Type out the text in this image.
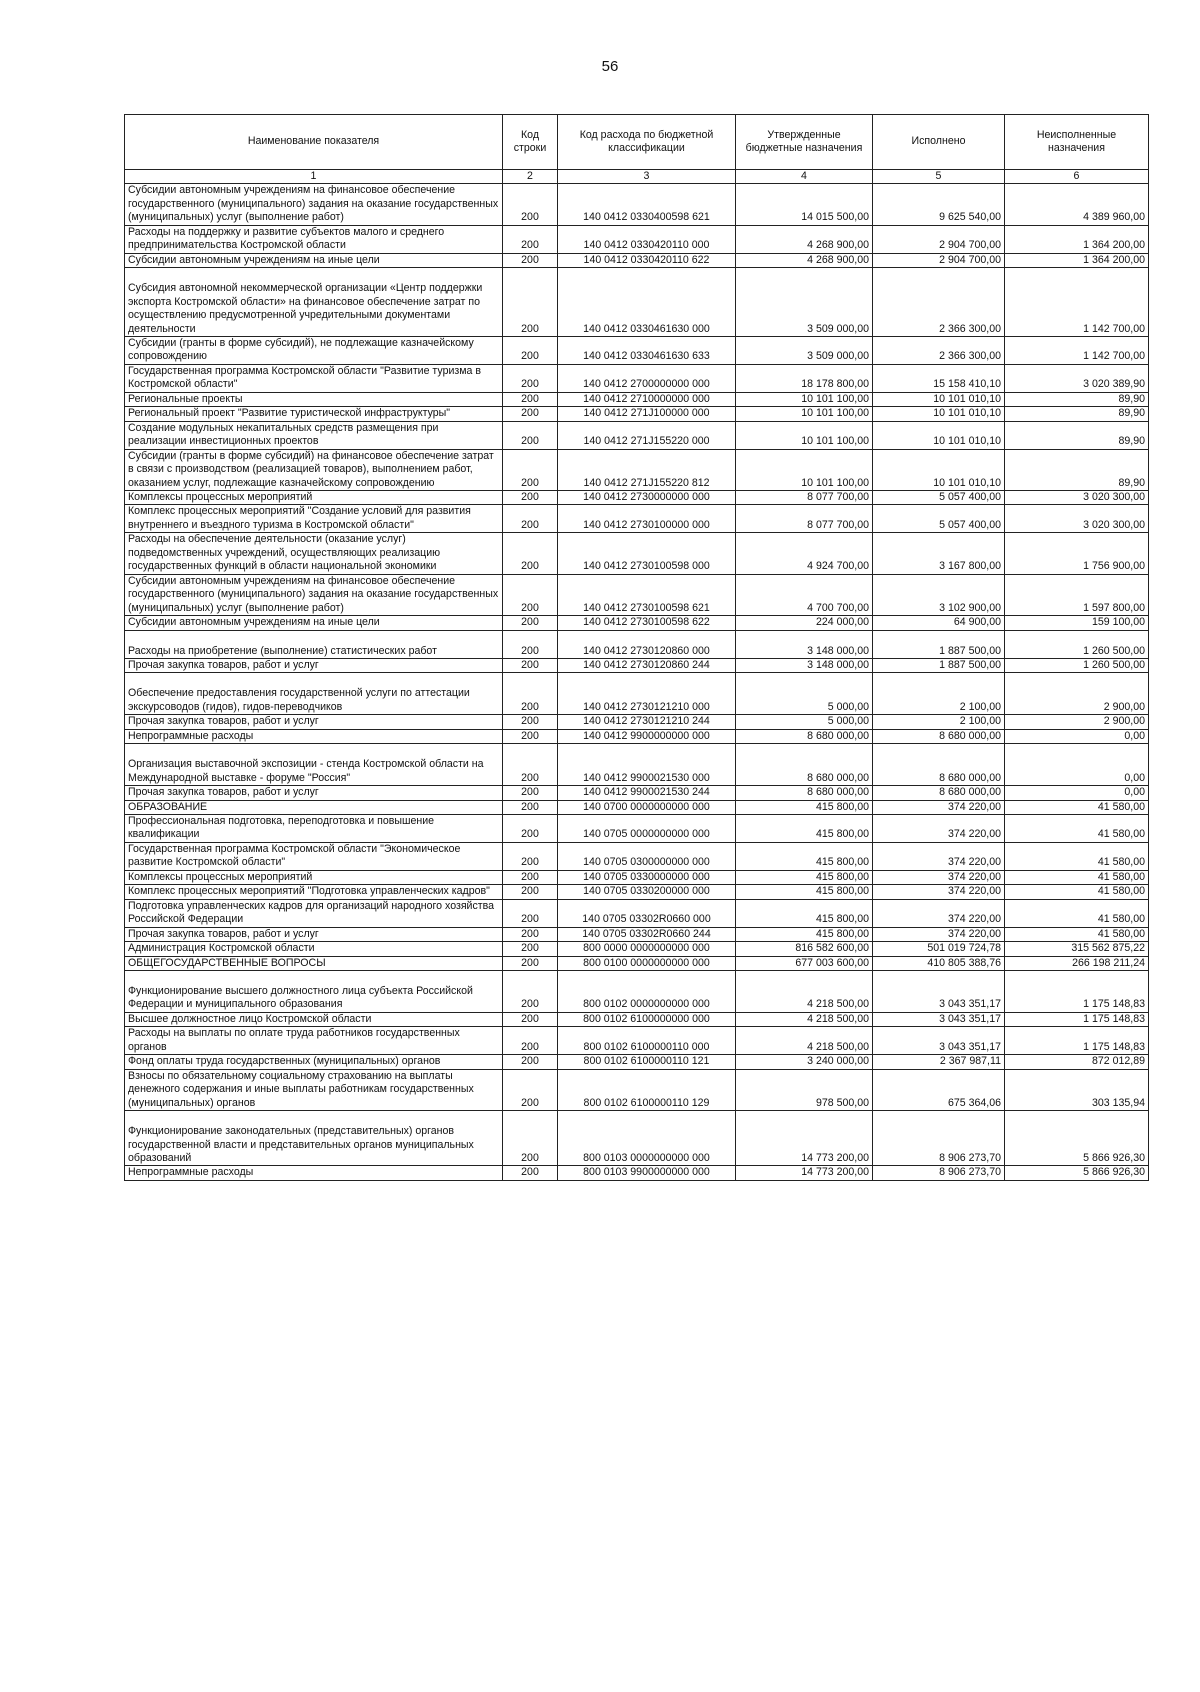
56
Наименование показателя	Код строки	Код расхода по бюджетной классификации	Утвержденные бюджетные назначения	Исполнено	Неисполненные назначения
1	2	3	4	5	6
Субсидии автономным учреждениям на финансовое обеспечение государственного (муниципального) задания на оказание государственных (муниципальных) услуг (выполнение работ)	200	140 0412 0330400598 621	14 015 500,00	9 625 540,00	4 389 960,00
Расходы на поддержку и развитие субъектов малого и среднего предпринимательства Костромской области	200	140 0412 0330420110 000	4 268 900,00	2 904 700,00	1 364 200,00
Субсидии автономным учреждениям на иные цели	200	140 0412 0330420110 622	4 268 900,00	2 904 700,00	1 364 200,00
Субсидия автономной некоммерческой организации «Центр поддержки экспорта Костромской области» на финансовое обеспечение затрат по осуществлению предусмотренной учредительными документами деятельности	200	140 0412 0330461630 000	3 509 000,00	2 366 300,00	1 142 700,00
Субсидии (гранты в форме субсидий), не подлежащие казначейскому сопровождению	200	140 0412 0330461630 633	3 509 000,00	2 366 300,00	1 142 700,00
Государственная программа Костромской области "Развитие туризма в Костромской области"	200	140 0412 2700000000 000	18 178 800,00	15 158 410,10	3 020 389,90
Региональные проекты	200	140 0412 2710000000 000	10 101 100,00	10 101 010,10	89,90
Региональный проект "Развитие туристической инфраструктуры"	200	140 0412 271J100000 000	10 101 100,00	10 101 010,10	89,90
Создание модульных некапитальных средств размещения при реализации инвестиционных проектов	200	140 0412 271J155220 000	10 101 100,00	10 101 010,10	89,90
Субсидии (гранты в форме субсидий) на финансовое обеспечение затрат в связи с производством (реализацией товаров), выполнением работ, оказанием услуг, подлежащие казначейскому сопровождению	200	140 0412 271J155220 812	10 101 100,00	10 101 010,10	89,90
Комплексы процессных мероприятий	200	140 0412 2730000000 000	8 077 700,00	5 057 400,00	3 020 300,00
Комплекс процессных мероприятий "Создание условий для развития внутреннего и въездного туризма в Костромской области"	200	140 0412 2730100000 000	8 077 700,00	5 057 400,00	3 020 300,00
Расходы на обеспечение деятельности (оказание услуг) подведомственных учреждений, осуществляющих реализацию государственных функций в области национальной экономики	200	140 0412 2730100598 000	4 924 700,00	3 167 800,00	1 756 900,00
Субсидии автономным учреждениям на финансовое обеспечение государственного (муниципального) задания на оказание государственных (муниципальных) услуг (выполнение работ)	200	140 0412 2730100598 621	4 700 700,00	3 102 900,00	1 597 800,00
Субсидии автономным учреждениям на иные цели	200	140 0412 2730100598 622	224 000,00	64 900,00	159 100,00
Расходы на приобретение (выполнение) статистических работ	200	140 0412 2730120860 000	3 148 000,00	1 887 500,00	1 260 500,00
Прочая закупка товаров, работ и услуг	200	140 0412 2730120860 244	3 148 000,00	1 887 500,00	1 260 500,00
Обеспечение предоставления государственной услуги по аттестации экскурсоводов (гидов), гидов-переводчиков	200	140 0412 2730121210 000	5 000,00	2 100,00	2 900,00
Прочая закупка товаров, работ и услуг	200	140 0412 2730121210 244	5 000,00	2 100,00	2 900,00
Непрограммные расходы	200	140 0412 9900000000 000	8 680 000,00	8 680 000,00	0,00
Организация выставочной экспозиции - стенда Костромской области на Международной выставке - форуме "Россия"	200	140 0412 9900021530 000	8 680 000,00	8 680 000,00	0,00
Прочая закупка товаров, работ и услуг	200	140 0412 9900021530 244	8 680 000,00	8 680 000,00	0,00
ОБРАЗОВАНИЕ	200	140 0700 0000000000 000	415 800,00	374 220,00	41 580,00
Профессиональная подготовка, переподготовка и повышение квалификации	200	140 0705 0000000000 000	415 800,00	374 220,00	41 580,00
Государственная программа Костромской области "Экономическое развитие Костромской области"	200	140 0705 0300000000 000	415 800,00	374 220,00	41 580,00
Комплексы процессных мероприятий	200	140 0705 0330000000 000	415 800,00	374 220,00	41 580,00
Комплекс процессных мероприятий "Подготовка управленческих кадров"	200	140 0705 0330200000 000	415 800,00	374 220,00	41 580,00
Подготовка управленческих кадров для организаций народного хозяйства Российской Федерации	200	140 0705 03302R0660 000	415 800,00	374 220,00	41 580,00
Прочая закупка товаров, работ и услуг	200	140 0705 03302R0660 244	415 800,00	374 220,00	41 580,00
Администрация Костромской области	200	800 0000 0000000000 000	816 582 600,00	501 019 724,78	315 562 875,22
ОБЩЕГОСУДАРСТВЕННЫЕ ВОПРОСЫ	200	800 0100 0000000000 000	677 003 600,00	410 805 388,76	266 198 211,24
Функционирование высшего должностного лица субъекта Российской Федерации и муниципального образования	200	800 0102 0000000000 000	4 218 500,00	3 043 351,17	1 175 148,83
Высшее должностное лицо Костромской области	200	800 0102 6100000000 000	4 218 500,00	3 043 351,17	1 175 148,83
Расходы на выплаты по оплате труда работников государственных органов	200	800 0102 6100000110 000	4 218 500,00	3 043 351,17	1 175 148,83
Фонд оплаты труда государственных (муниципальных) органов	200	800 0102 6100000110 121	3 240 000,00	2 367 987,11	872 012,89
Взносы по обязательному социальному страхованию на выплаты денежного содержания и иные выплаты работникам государственных (муниципальных) органов	200	800 0102 6100000110 129	978 500,00	675 364,06	303 135,94
Функционирование законодательных (представительных) органов государственной власти и представительных органов муниципальных образований	200	800 0103 0000000000 000	14 773 200,00	8 906 273,70	5 866 926,30
Непрограммные расходы	200	800 0103 9900000000 000	14 773 200,00	8 906 273,70	5 866 926,30
